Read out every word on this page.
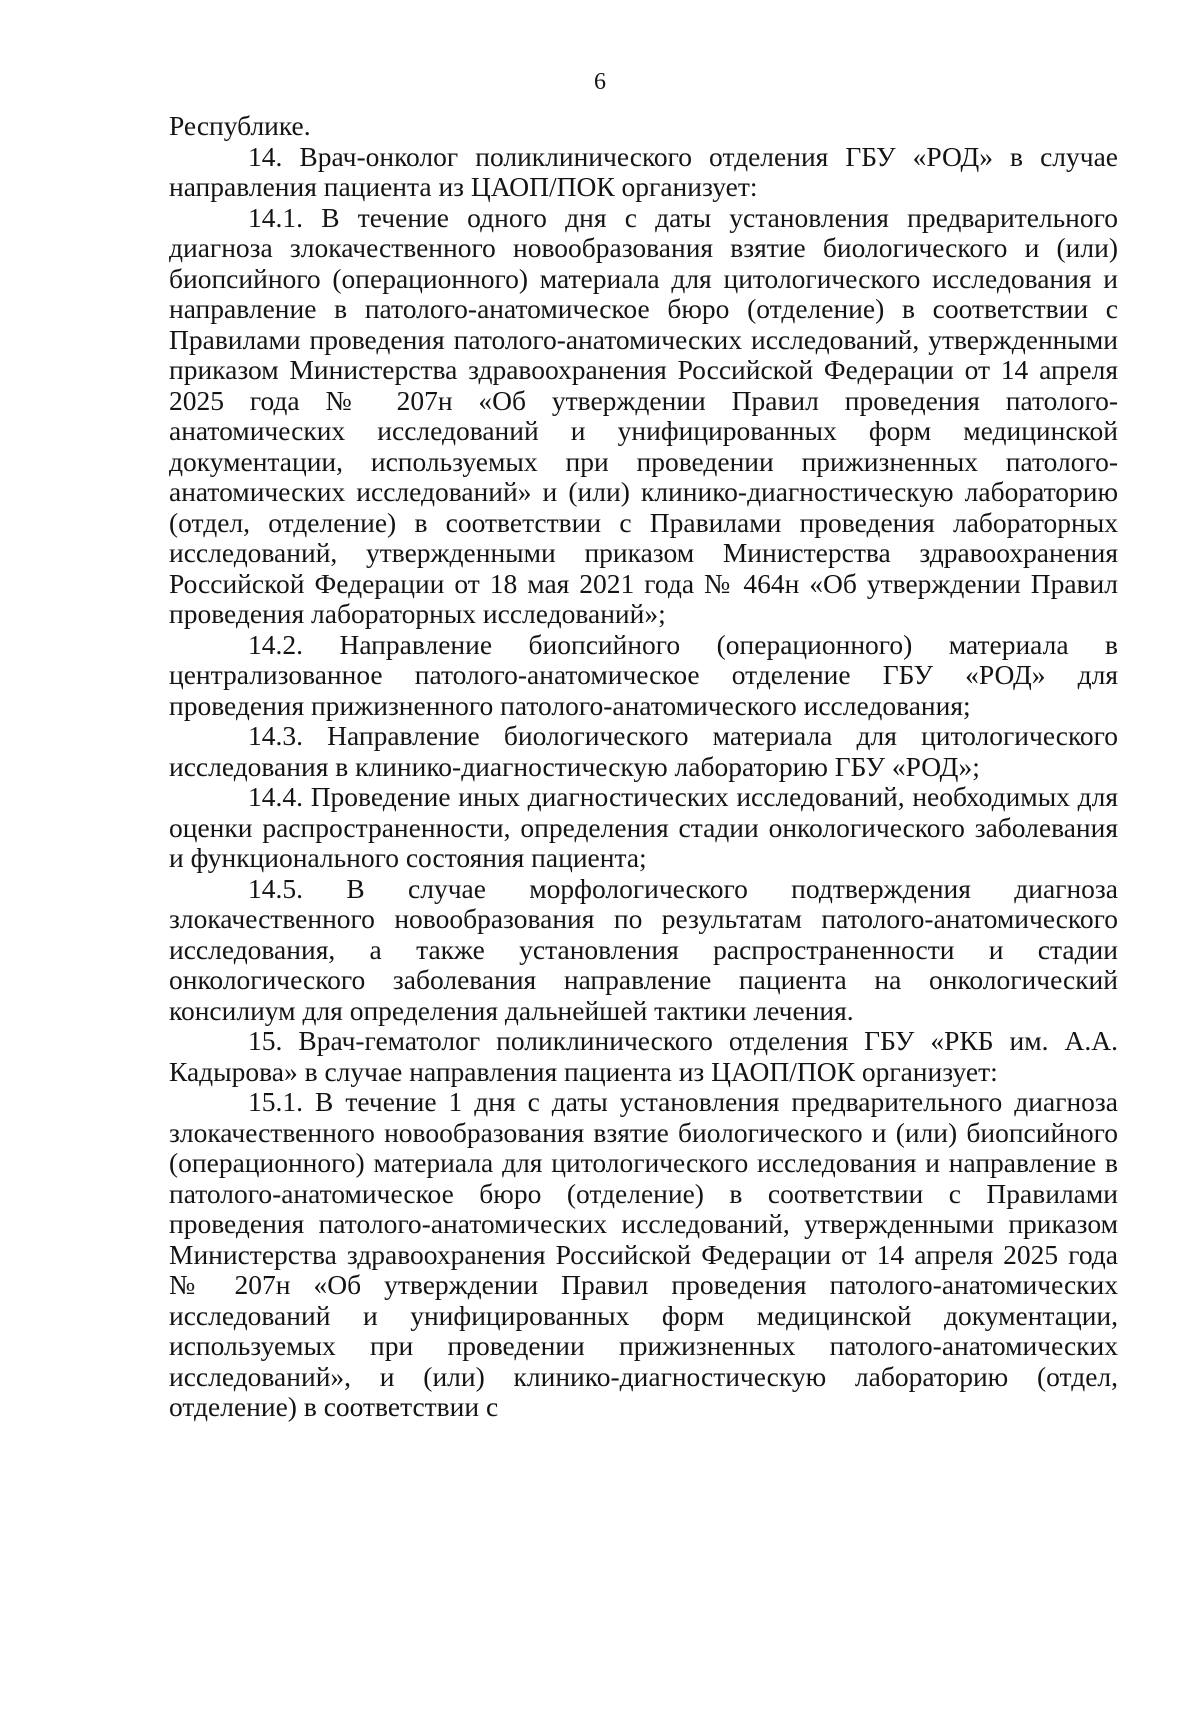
6

Республике.

14. Врач-онколог поликлинического отделения ГБУ «РОД» в случае направления пациента из ЦАОП/ПОК организует:

14.1. В течение одного дня с даты установления предварительного диагноза злокачественного новообразования взятие биологического и (или) биопсийного (операционного) материала для цитологического исследования и направление в патолого-анатомическое бюро (отделение) в соответствии с Правилами проведения патолого-анатомических исследований, утвержденными приказом Министерства здравоохранения Российской Федерации от 14 апреля 2025 года № 207н «Об утверждении Правил проведения патолого-анатомических исследований и унифицированных форм медицинской документации, используемых при проведении прижизненных патолого-анатомических исследований» и (или) клинико-диагностическую лабораторию (отдел, отделение) в соответствии с Правилами проведения лабораторных исследований, утвержденными приказом Министерства здравоохранения Российской Федерации от 18 мая 2021 года № 464н «Об утверждении Правил проведения лабораторных исследований»;

14.2. Направление биопсийного (операционного) материала в централизованное патолого-анатомическое отделение ГБУ «РОД» для проведения прижизненного патолого-анатомического исследования;

14.3. Направление биологического материала для цитологического исследования в клинико-диагностическую лабораторию ГБУ «РОД»;

14.4. Проведение иных диагностических исследований, необходимых для оценки распространенности, определения стадии онкологического заболевания и функционального состояния пациента;

14.5. В случае морфологического подтверждения диагноза злокачественного новообразования по результатам патолого-анатомического исследования, а также установления распространенности и стадии онкологического заболевания направление пациента на онкологический консилиум для определения дальнейшей тактики лечения.

15. Врач-гематолог поликлинического отделения ГБУ «РКБ им. А.А. Кадырова» в случае направления пациента из ЦАОП/ПОК организует:

15.1. В течение 1 дня с даты установления предварительного диагноза злокачественного новообразования взятие биологического и (или) биопсийного (операционного) материала для цитологического исследования и направление в патолого-анатомическое бюро (отделение) в соответствии с Правилами проведения патолого-анатомических исследований, утвержденными приказом Министерства здравоохранения Российской Федерации от 14 апреля 2025 года № 207н «Об утверждении Правил проведения патолого-анатомических исследований и унифицированных форм медицинской документации, используемых при проведении прижизненных патолого-анатомических исследований», и (или) клинико-диагностическую лабораторию (отдел, отделение) в соответствии с
